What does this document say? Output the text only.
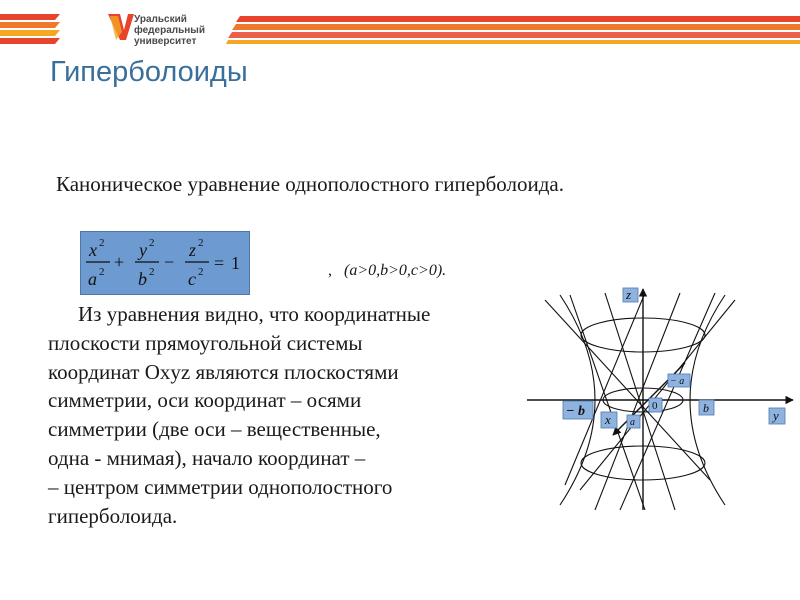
Уральский
федеральный
университет
Гиперболоиды
Каноническое уравнение однополостного гиперболоида.
x 2
a 2 +
y 2
b 2 −
z 2
c 2 = 1	, (a>0,b>0,c>0).
Из уравнения видно, что координатные
плоскости прямоугольной системы
координат Oxyz являются плоскостями
симметрии, оси координат – осями
симметрии (две оси – вещественные,
одна - мнимая), начало координат –
– центром симметрии однополостного
гиперболоида.
z
y
x
− b	b
0
a
− a
